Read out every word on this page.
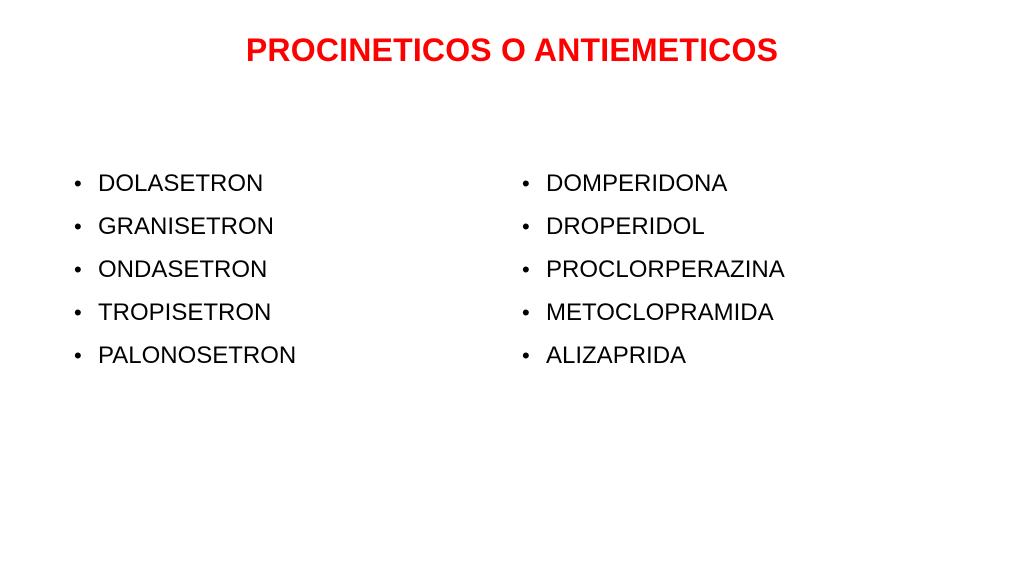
PROCINETICOS O ANTIEMETICOS
• DOLASETRON
• GRANISETRON
• ONDASETRON
• TROPISETRON
• PALONOSETRON
• DOMPERIDONA
• DROPERIDOL
• PROCLORPERAZINA
• METOCLOPRAMIDA
• ALIZAPRIDA
